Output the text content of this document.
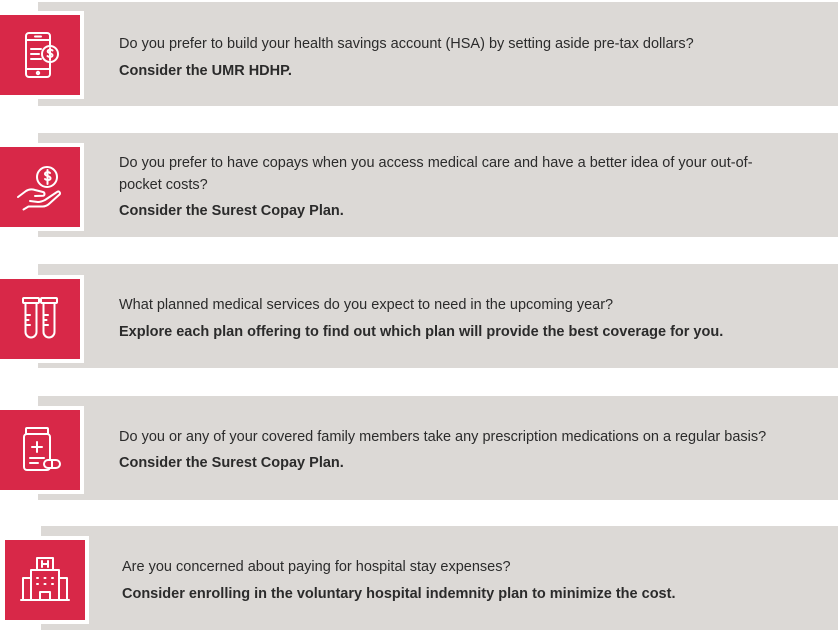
Do you prefer to build your health savings account (HSA) by setting aside pre-tax dollars?

Consider the UMR HDHP.

Do you prefer to have copays when you access medical care and have a better idea of your out-of-pocket costs?

Consider the Surest Copay Plan.

What planned medical services do you expect to need in the upcoming year?

Explore each plan offering to find out which plan will provide the best coverage for you.

Do you or any of your covered family members take any prescription medications on a regular basis?

Consider the Surest Copay Plan.

Are you concerned about paying for hospital stay expenses?

Consider enrolling in the voluntary hospital indemnity plan to minimize the cost.
